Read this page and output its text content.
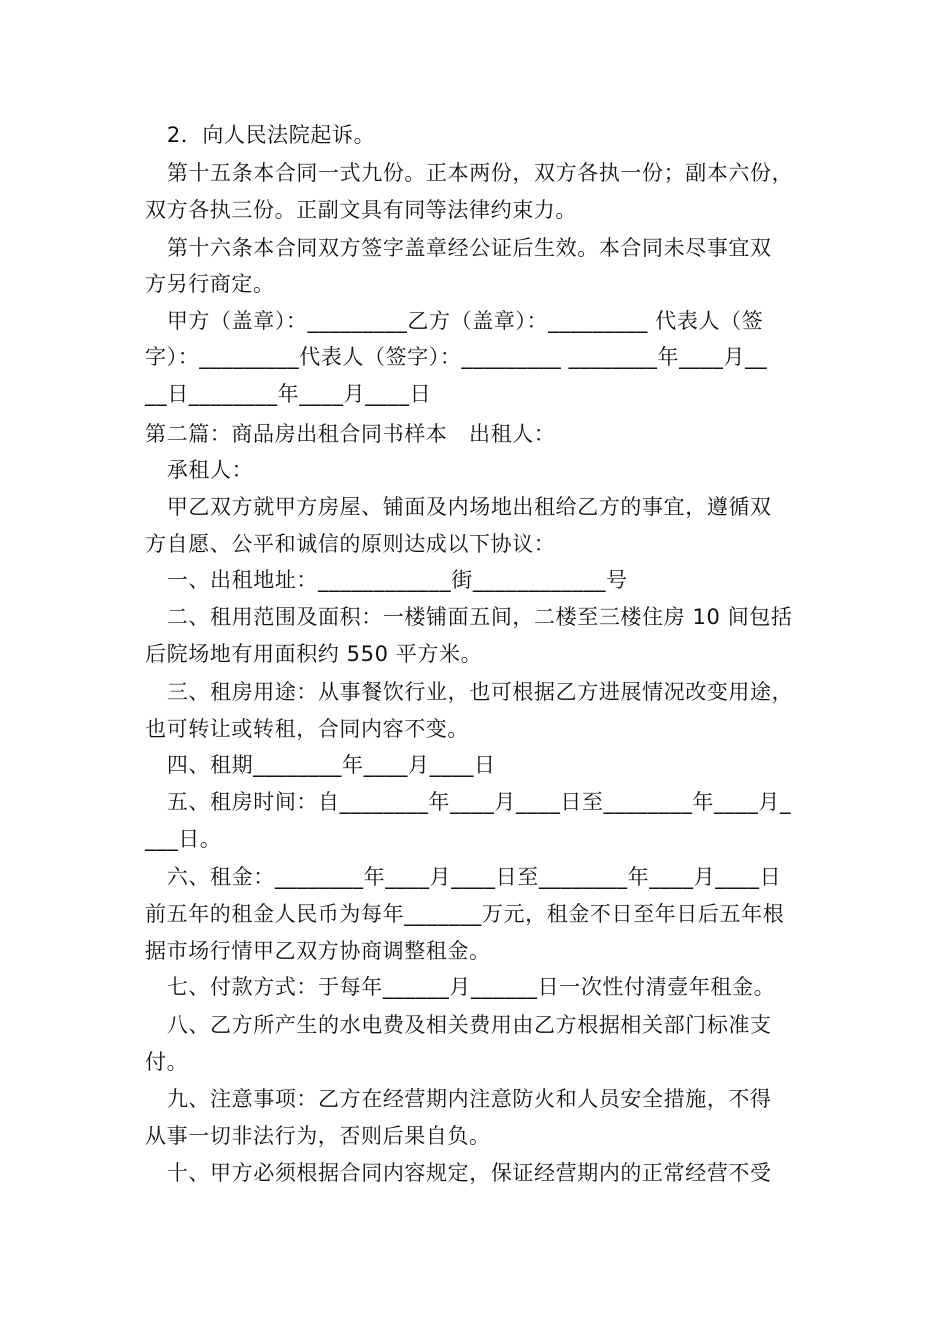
2．向人民法院起诉。
第十五条本合同一式九份。正本两份，双方各执一份；副本六份，
双方各执三份。正副文具有同等法律约束力。
第十六条本合同双方签字盖章经公证后生效。本合同未尽事宜双
方另行商定。
甲方（盖章）：_________乙方（盖章）：_________ 代表人（签
字）：_________代表人（签字）：_________ ________年____月__
__日________年____月____日
第二篇：商品房出租合同书样本　出租人：
承租人：
甲乙双方就甲方房屋、铺面及内场地出租给乙方的事宜，遵循双
方自愿、公平和诚信的原则达成以下协议：
一、出租地址：____________街____________号
二、租用范围及面积：一楼铺面五间，二楼至三楼住房 10 间包括
后院场地有用面积约 550 平方米。
三、租房用途：从事餐饮行业，也可根据乙方进展情况改变用途，
也可转让或转租，合同内容不变。
四、租期________年____月____日
五、租房时间：自________年____月____日至________年____月_
___日。
六、租金：________年____月____日至________年____月____日
前五年的租金人民币为每年_______万元，租金不日至年日后五年根
据市场行情甲乙双方协商调整租金。
七、付款方式：于每年______月______日一次性付清壹年租金。
八、乙方所产生的水电费及相关费用由乙方根据相关部门标准支
付。
九、注意事项：乙方在经营期内注意防火和人员安全措施，不得
从事一切非法行为，否则后果自负。
十、甲方必须根据合同内容规定，保证经营期内的正常经营不受
